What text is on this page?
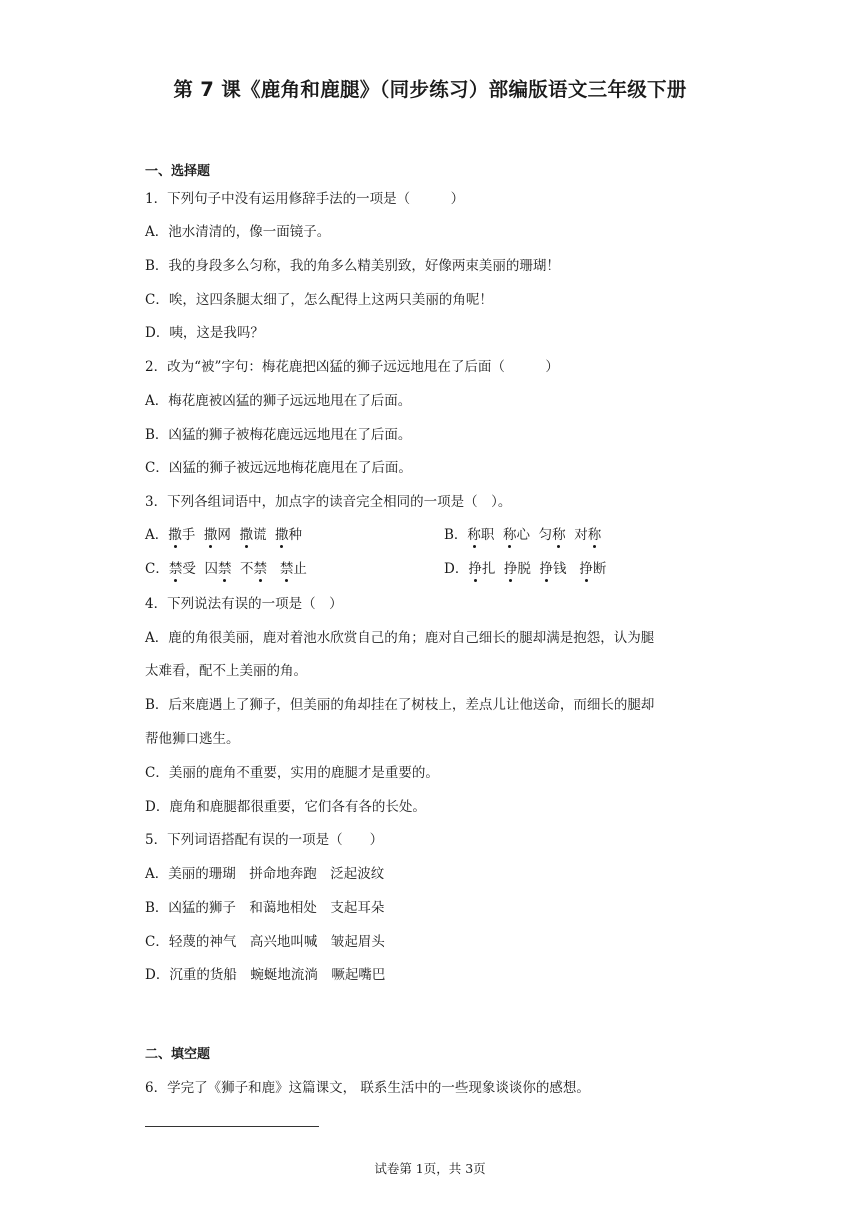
第 7 课《鹿角和鹿腿》（同步练习）部编版语文三年级下册
一、选择题
1．下列句子中没有运用修辞手法的一项是（　　　）
A．池水清清的，像一面镜子。
B．我的身段多么匀称，我的角多么精美别致，好像两束美丽的珊瑚！
C．唉，这四条腿太细了，怎么配得上这两只美丽的角呢！
D．咦，这是我吗？
2．改为“被”字句：梅花鹿把凶猛的狮子远远地甩在了后面（　　　）
A．梅花鹿被凶猛的狮子远远地甩在了后面。
B．凶猛的狮子被梅花鹿远远地甩在了后面。
C．凶猛的狮子被远远地梅花鹿甩在了后面。
3．下列各组词语中，加点字的读音完全相同的一项是（　）。
A．撒手 撒网 撒谎 撒种	B．称职 称心 匀称 对称
C．禁受 囚禁 不禁 禁止	D．挣扎 挣脱 挣钱 挣断
4．下列说法有误的一项是（　）
A．鹿的角很美丽，鹿对着池水欣赏自己的角；鹿对自己细长的腿却满是抱怨，认为腿
太难看，配不上美丽的角。
B．后来鹿遇上了狮子，但美丽的角却挂在了树枝上，差点儿让他送命，而细长的腿却
帮他狮口逃生。
C．美丽的鹿角不重要，实用的鹿腿才是重要的。
D．鹿角和鹿腿都很重要，它们各有各的长处。
5．下列词语搭配有误的一项是（　　）
A．美丽的珊瑚　拼命地奔跑　泛起波纹
B．凶猛的狮子　和蔼地相处　支起耳朵
C．轻蔑的神气　高兴地叫喊　皱起眉头
D．沉重的货船　蜿蜒地流淌　噘起嘴巴
二、填空题
6．学完了《狮子和鹿》这篇课文， 联系生活中的一些现象谈谈你的感想。
试卷第 1页，共 3页
